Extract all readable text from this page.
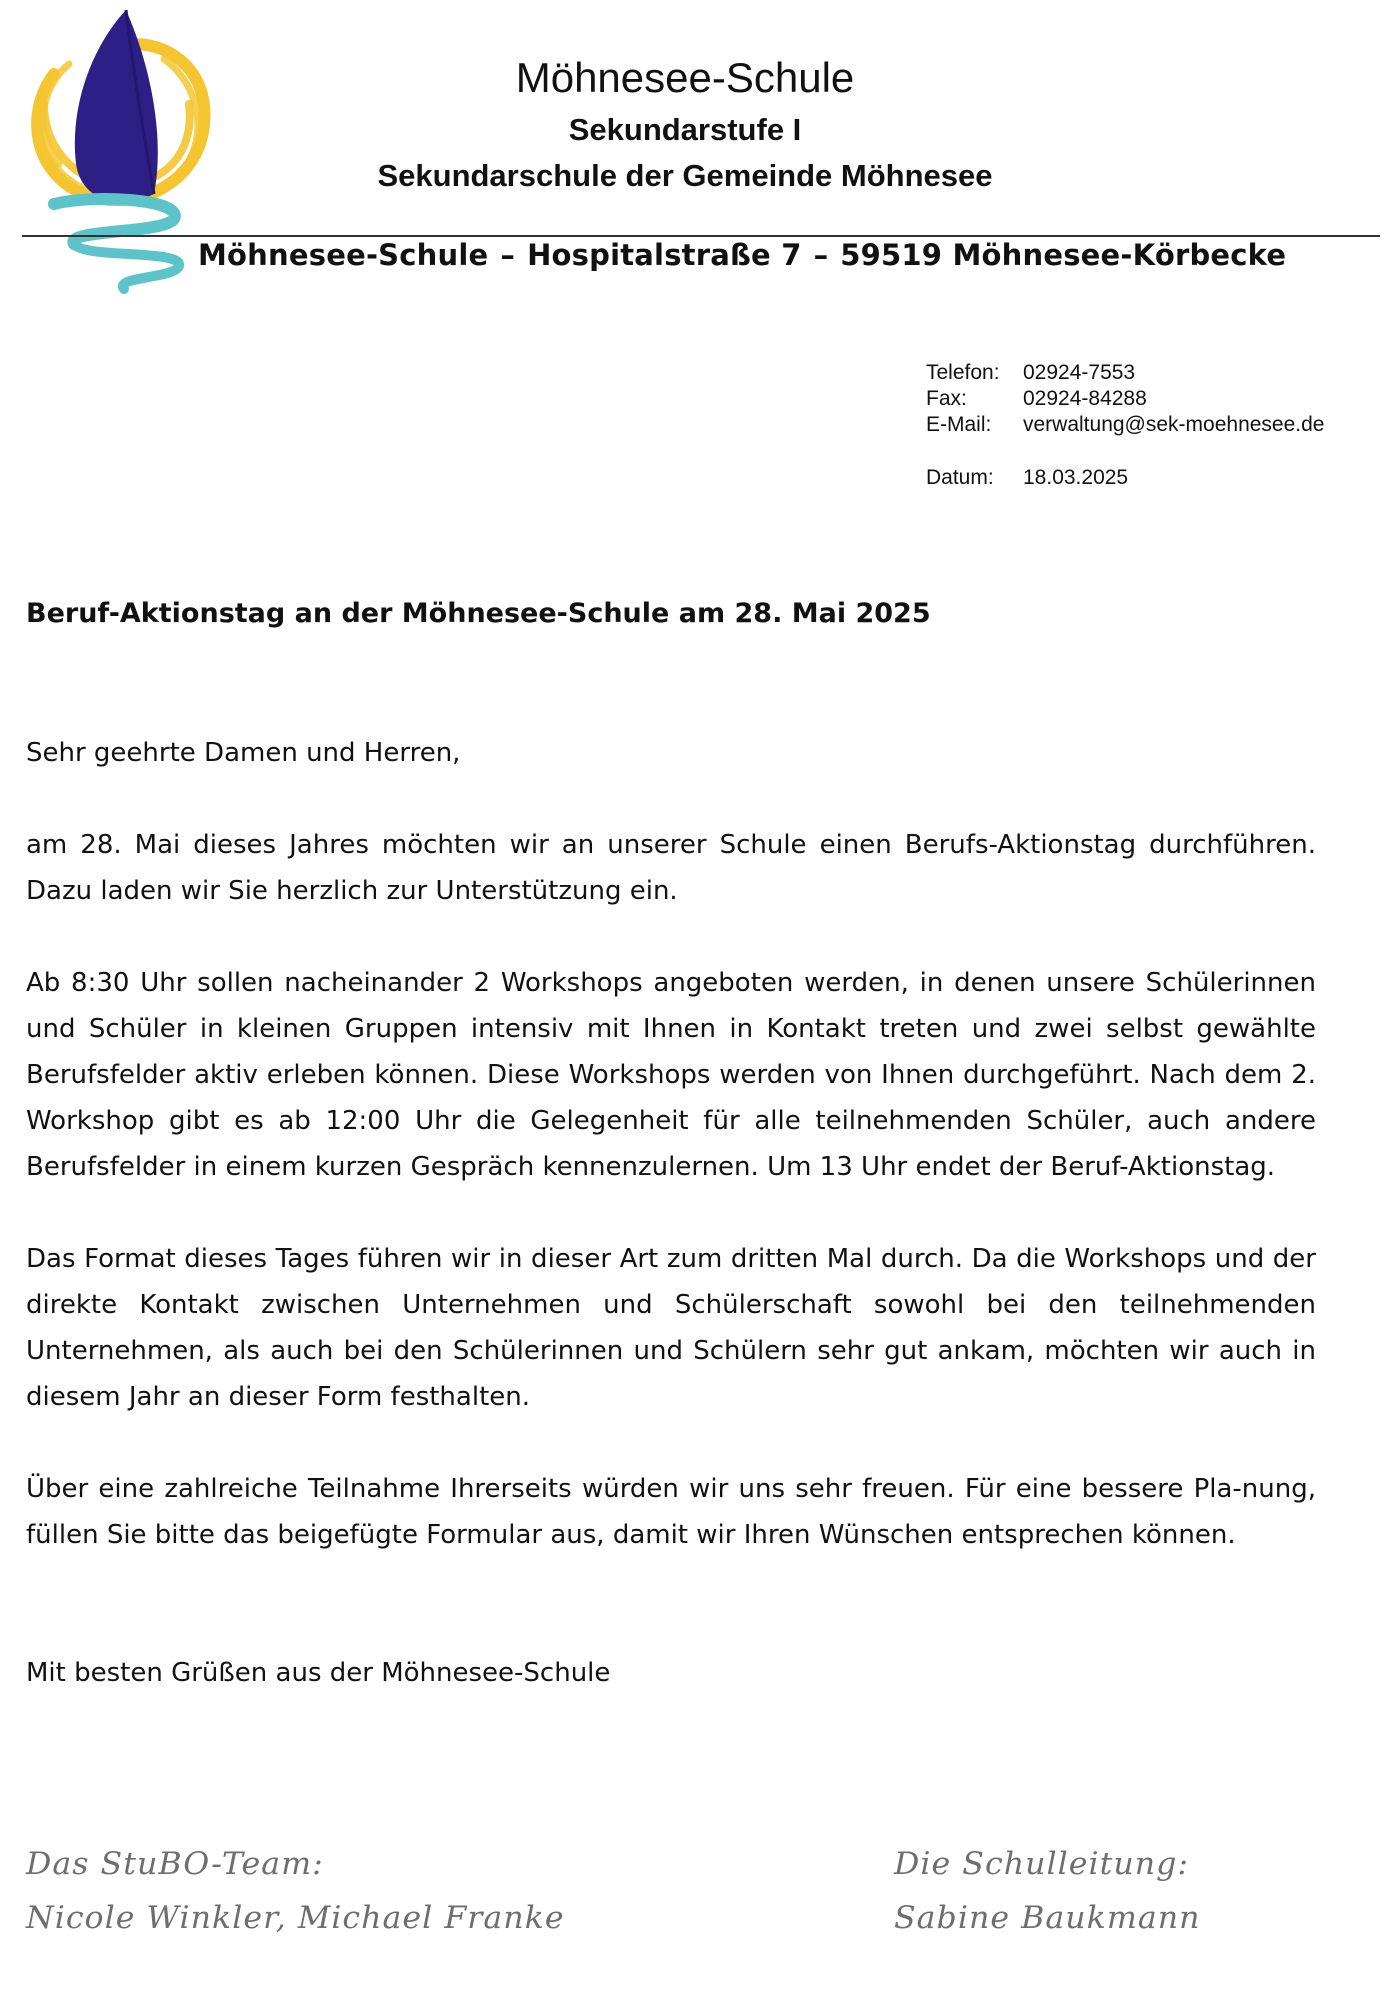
Möhnesee-Schule
Sekundarstufe I
Sekundarschule der Gemeinde Möhnesee
Möhnesee-Schule – Hospitalstraße 7 – 59519 Möhnesee-Körbecke
Telefon:	02924-7553
Fax:	02924-84288
E-Mail:	verwaltung@sek-moehnesee.de
Datum:	18.03.2025
Beruf-Aktionstag an der Möhnesee-Schule am 28. Mai 2025

Sehr geehrte Damen und Herren,

am 28. Mai dieses Jahres möchten wir an unserer Schule einen Berufs-Aktionstag durchführen. Dazu laden wir Sie herzlich zur Unterstützung ein.

Ab 8:30 Uhr sollen nacheinander 2 Workshops angeboten werden, in denen unsere Schülerinnen und Schüler in kleinen Gruppen intensiv mit Ihnen in Kontakt treten und zwei selbst gewählte Berufsfelder aktiv erleben können. Diese Workshops werden von Ihnen durchgeführt. Nach dem 2. Workshop gibt es ab 12:00 Uhr die Gelegenheit für alle teilnehmenden Schüler, auch andere Berufsfelder in einem kurzen Gespräch kennenzulernen. Um 13 Uhr endet der Beruf-Aktionstag.

Das Format dieses Tages führen wir in dieser Art zum dritten Mal durch. Da die Workshops und der direkte Kontakt zwischen Unternehmen und Schülerschaft sowohl bei den teilnehmenden Unternehmen, als auch bei den Schülerinnen und Schülern sehr gut ankam, möchten wir auch in diesem Jahr an dieser Form festhalten.

Über eine zahlreiche Teilnahme Ihrerseits würden wir uns sehr freuen. Für eine bessere Pla-nung, füllen Sie bitte das beigefügte Formular aus, damit wir Ihren Wünschen entsprechen können.

Mit besten Grüßen aus der Möhnesee-Schule

Das StuBO-Team:
Nicole Winkler, Michael Franke
Die Schulleitung:
Sabine Baukmann
